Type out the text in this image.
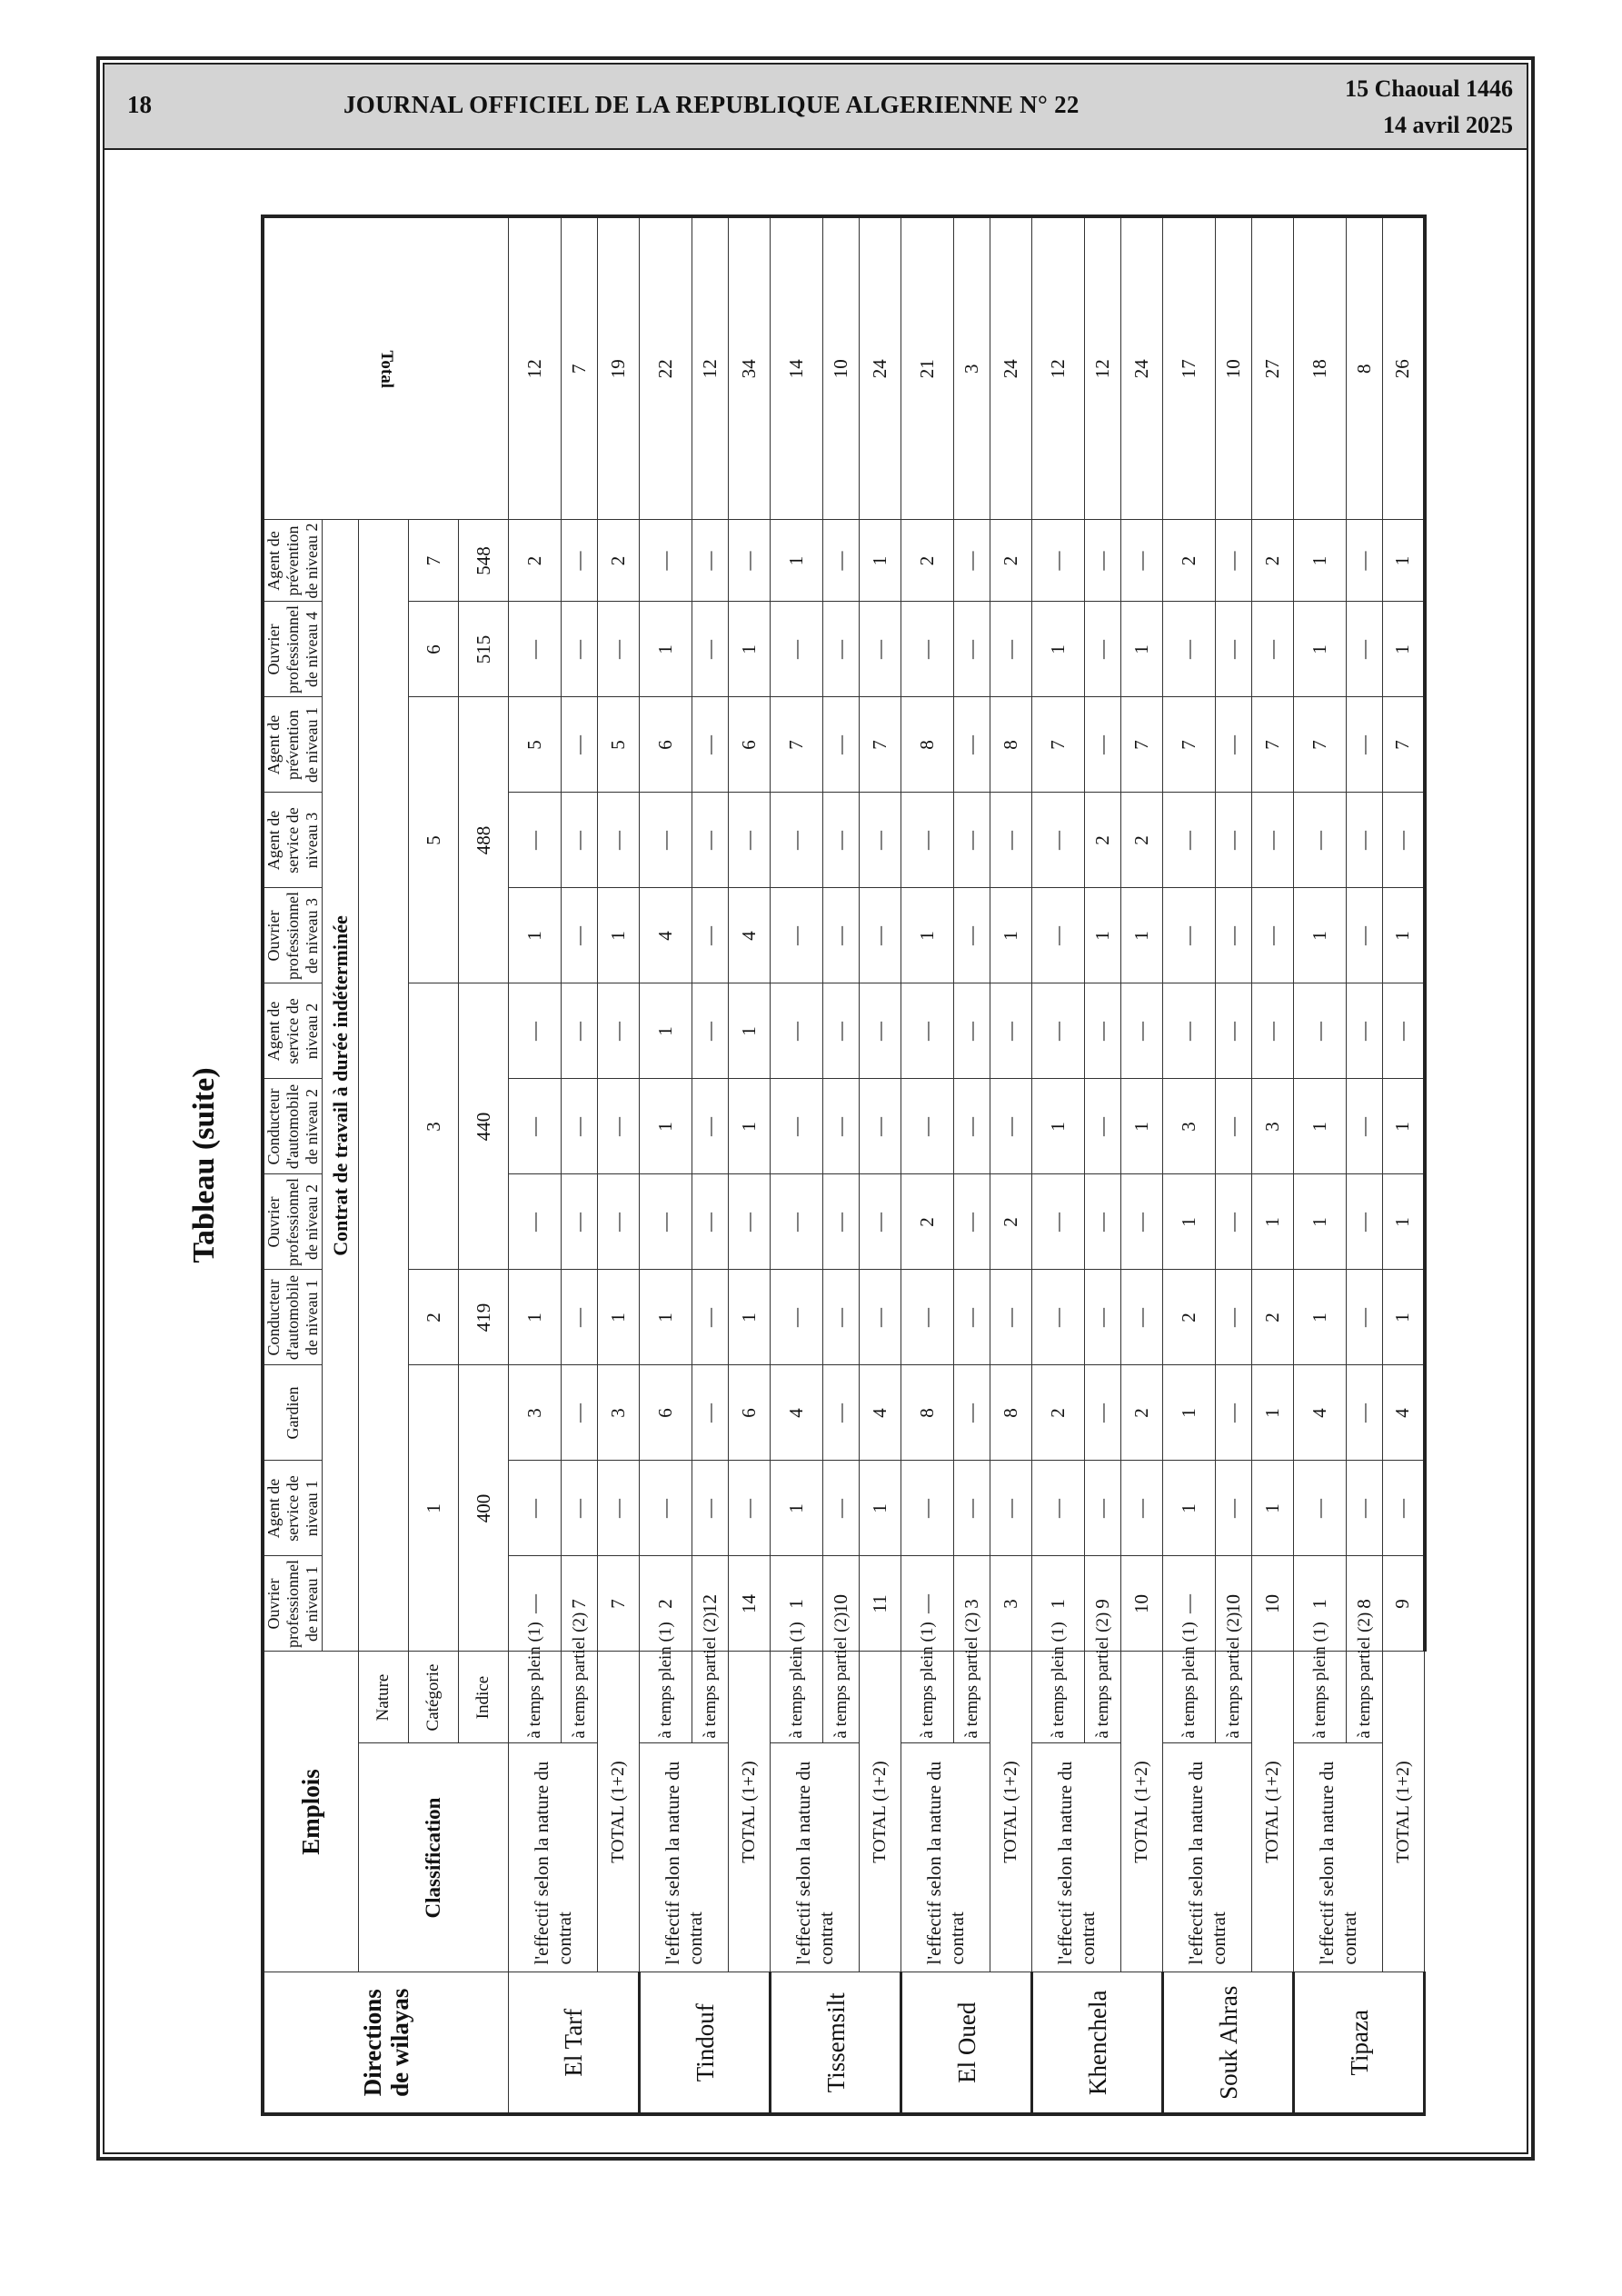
18	JOURNAL OFFICIEL DE LA REPUBLIQUE ALGERIENNE N° 22
15 Chaoual 1446
14 avril 2025
Tableau (suite)
Directions de wilayas	Emplois		Ouvrier professionnel de niveau 1	Agent de service de niveau 1	Gardien	Conducteur d'automobile de niveau 1	Ouvrier professionnel de niveau 2	Conducteur d'automobile de niveau 2	Agent de service de niveau 2	Ouvrier professionnel de niveau 3	Agent de service de niveau 3	Agent de prévention de niveau 1	Ouvrier professionnel de niveau 4	Agent de prévention de niveau 2	Total
			Contrat de travail à durée indéterminée												
	Classification	Nature													
		Catégorie	1			2	3			5			6	7	
		Indice	400			419	440			488			515	548	
El Tarf	l'effectif selon la nature du contrat	à temps plein (1)	—	—	3	1	—	—	—	1	—	5	—	2	12
		à temps partiel (2)	7	—	—	—	—	—	—	—	—	—	—	—	7
	TOTAL (1+2)		7	—	3	1	—	—	—	1	—	5	—	2	19
Tindouf	l'effectif selon la nature du contrat	à temps plein (1)	2	—	6	1	—	1	1	4	—	6	1	—	22
		à temps partiel (2)	12	—	—	—	—	—	—	—	—	—	—	—	12
	TOTAL (1+2)		14	—	6	1	—	1	1	4	—	6	1	—	34
Tissemsilt	l'effectif selon la nature du contrat	à temps plein (1)	1	1	4	—	—	—	—	—	—	7	—	1	14
		à temps partiel (2)	10	—	—	—	—	—	—	—	—	—	—	—	10
	TOTAL (1+2)		11	1	4	—	—	—	—	—	—	7	—	1	24
El Oued	l'effectif selon la nature du contrat	à temps plein (1)	—	—	8	—	2	—	—	1	—	8	—	2	21
		à temps partiel (2)	3	—	—	—	—	—	—	—	—	—	—	—	3
	TOTAL (1+2)		3	—	8	—	2	—	—	1	—	8	—	2	24
Khenchela	l'effectif selon la nature du contrat	à temps plein (1)	1	—	2	—	—	1	—	—	—	7	1	—	12
		à temps partiel (2)	9	—	—	—	—	—	—	1	2	—	—	—	12
	TOTAL (1+2)		10	—	2	—	—	1	—	1	2	7	1	—	24
Souk Ahras	l'effectif selon la nature du contrat	à temps plein (1)	—	1	1	2	1	3	—	—	—	7	—	2	17
		à temps partiel (2)	10	—	—	—	—	—	—	—	—	—	—	—	10
	TOTAL (1+2)		10	1	1	2	1	3	—	—	—	7	—	2	27
Tipaza	l'effectif selon la nature du contrat	à temps plein (1)	1	—	4	1	1	1	—	1	—	7	1	1	18
		à temps partiel (2)	8	—	—	—	—	—	—	—	—	—	—	—	8
	TOTAL (1+2)		9	—	4	1	1	1	—	1	—	7	1	1	26
